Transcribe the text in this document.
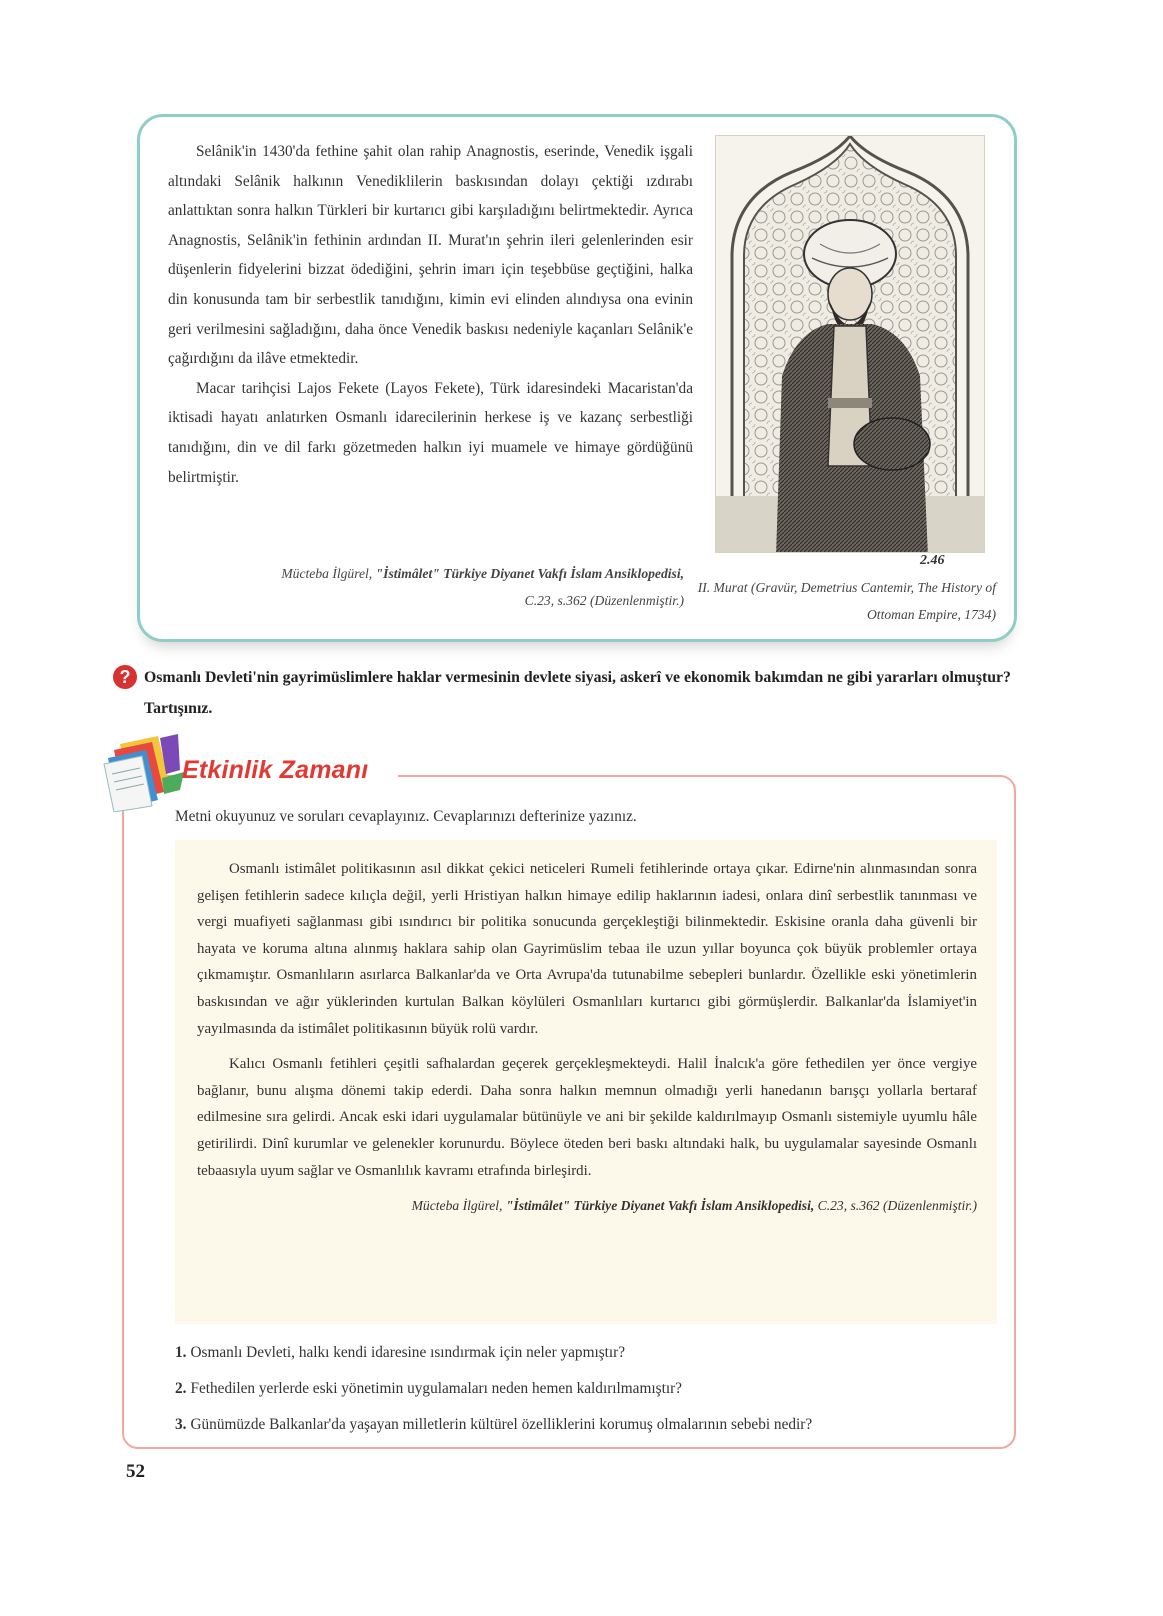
Selânik'in 1430'da fethine şahit olan rahip Anagnostis, eserinde, Venedik işgali altındaki Selânik halkının Venediklilerin baskısından dolayı çektiği ızdırabı anlattıktan sonra halkın Türkleri bir kurtarıcı gibi karşıladığını belirtmektedir. Ayrıca Anagnostis, Selânik'in fethinin ardından II. Murat'ın şehrin ileri gelenlerinden esir düşenlerin fidyelerini bizzat ödediğini, şehrin imarı için teşebbüse geçtiğini, halka din konusunda tam bir serbestlik tanıdığını, kimin evi elinden alındıysa ona evinin geri verilmesini sağladığını, daha önce Venedik baskısı nedeniyle kaçanları Selânik'e çağırdığını da ilâve etmektedir.

Macar tarihçisi Lajos Fekete (Layos Fekete), Türk idaresindeki Macaristan'da iktisadi hayatı anlatırken Osmanlı idarecilerinin herkese iş ve kazanç serbestliği tanıdığını, din ve dil farkı gözetmeden halkın iyi muamele ve himaye gördüğünü belirtmiştir.

Mücteba İlgürel, "İstimâlet" Türkiye Diyanet Vakfı İslam Ansiklopedisi, C.23, s.362 (Düzenlenmiştir.)
2.46
II. Murat (Gravür, Demetrius Cantemir, The History of Ottoman Empire, 1734)
? Osmanlı Devleti'nin gayrimüslimlere haklar vermesinin devlete siyasi, askerî ve ekonomik bakımdan ne gibi yararları olmuştur? Tartışınız.
Etkinlik Zamanı
Metni okuyunuz ve soruları cevaplayınız. Cevaplarınızı defterinize yazınız.

Osmanlı istimâlet politikasının asıl dikkat çekici neticeleri Rumeli fetihlerinde ortaya çıkar. Edirne'nin alınmasından sonra gelişen fetihlerin sadece kılıçla değil, yerli Hristiyan halkın himaye edilip haklarının iadesi, onlara dinî serbestlik tanınması ve vergi muafiyeti sağlanması gibi ısındırıcı bir politika sonucunda gerçekleştiği bilinmektedir. Eskisine oranla daha güvenli bir hayata ve koruma altına alınmış haklara sahip olan Gayrimüslim tebaa ile uzun yıllar boyunca çok büyük problemler ortaya çıkmamıştır. Osmanlıların asırlarca Balkanlar'da ve Orta Avrupa'da tutunabilme sebepleri bunlardır. Özellikle eski yönetimlerin baskısından ve ağır yüklerinden kurtulan Balkan köylüleri Osmanlıları kurtarıcı gibi görmüşlerdir. Balkanlar'da İslamiyet'in yayılmasında da istimâlet politikasının büyük rolü vardır.

Kalıcı Osmanlı fetihleri çeşitli safhalardan geçerek gerçekleşmekteydi. Halil İnalcık'a göre fethedilen yer önce vergiye bağlanır, bunu alışma dönemi takip ederdi. Daha sonra halkın memnun olmadığı yerli hanedanın barışçı yollarla bertaraf edilmesine sıra gelirdi. Ancak eski idari uygulamalar bütünüyle ve ani bir şekilde kaldırılmayıp Osmanlı sistemiyle uyumlu hâle getirilirdi. Dinî kurumlar ve gelenekler korunurdu. Böylece öteden beri baskı altındaki halk, bu uygulamalar sayesinde Osmanlı tebaasıyla uyum sağlar ve Osmanlılık kavramı etrafında birleşirdi.

Mücteba İlgürel, "İstimâlet" Türkiye Diyanet Vakfı İslam Ansiklopedisi, C.23, s.362 (Düzenlenmiştir.)

1. Osmanlı Devleti, halkı kendi idaresine ısındırmak için neler yapmıştır?
2. Fethedilen yerlerde eski yönetimin uygulamaları neden hemen kaldırılmamıştır?
3. Günümüzde Balkanlar'da yaşayan milletlerin kültürel özelliklerini korumuş olmalarının sebebi nedir?
52
